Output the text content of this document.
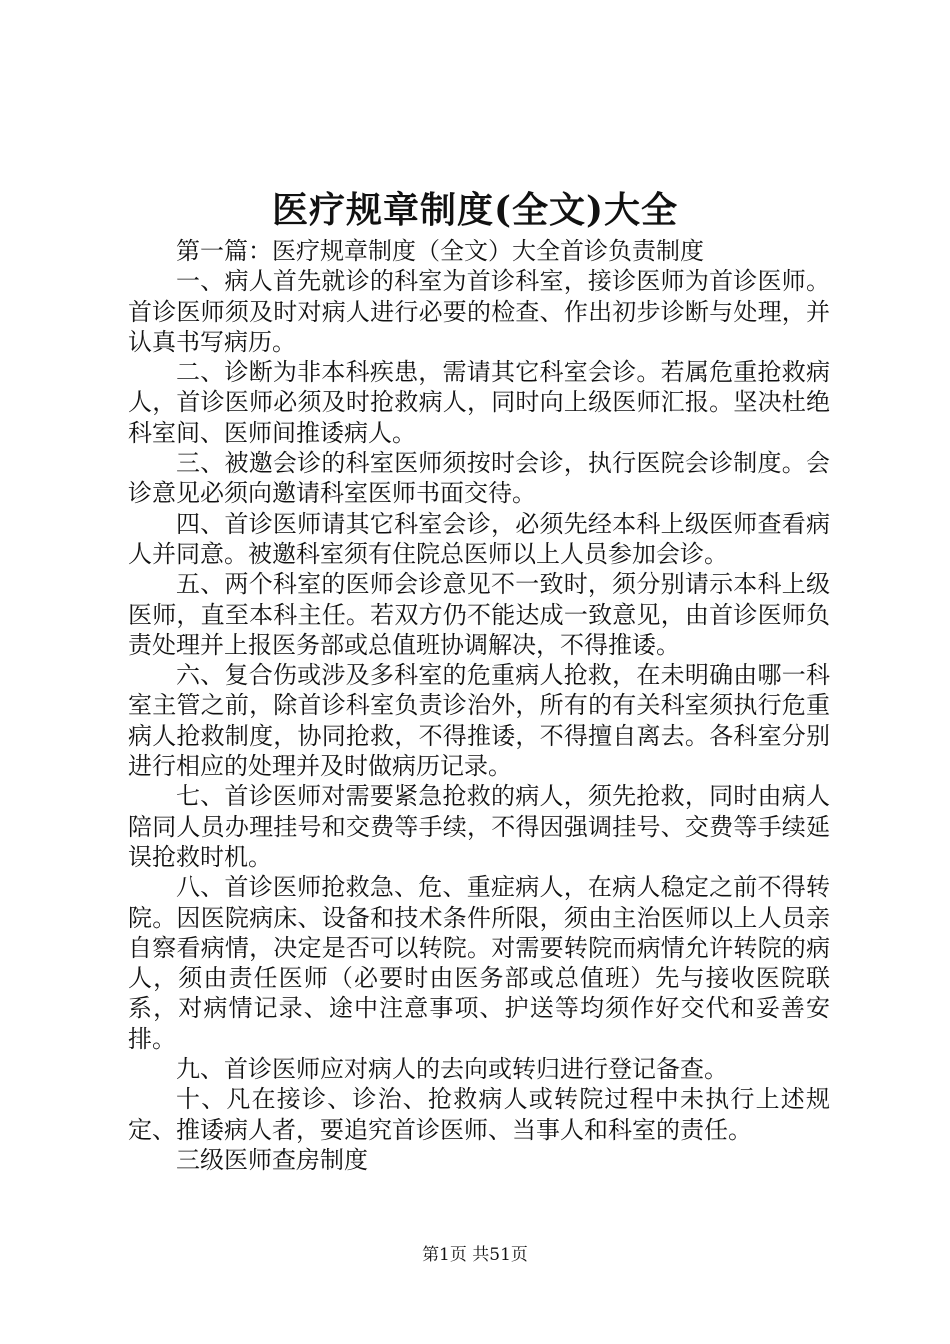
医疗规章制度(全文)大全

第一篇：医疗规章制度（全文）大全首诊负责制度

一、病人首先就诊的科室为首诊科室，接诊医师为首诊医师。首诊医师须及时对病人进行必要的检查、作出初步诊断与处理，并认真书写病历。

二、诊断为非本科疾患，需请其它科室会诊。若属危重抢救病人，首诊医师必须及时抢救病人，同时向上级医师汇报。坚决杜绝科室间、医师间推诿病人。

三、被邀会诊的科室医师须按时会诊，执行医院会诊制度。会诊意见必须向邀请科室医师书面交待。

四、首诊医师请其它科室会诊，必须先经本科上级医师查看病人并同意。被邀科室须有住院总医师以上人员参加会诊。

五、两个科室的医师会诊意见不一致时，须分别请示本科上级医师，直至本科主任。若双方仍不能达成一致意见，由首诊医师负责处理并上报医务部或总值班协调解决，不得推诿。

六、复合伤或涉及多科室的危重病人抢救，在未明确由哪一科室主管之前，除首诊科室负责诊治外，所有的有关科室须执行危重病人抢救制度，协同抢救，不得推诿，不得擅自离去。各科室分别进行相应的处理并及时做病历记录。

七、首诊医师对需要紧急抢救的病人，须先抢救，同时由病人陪同人员办理挂号和交费等手续，不得因强调挂号、交费等手续延误抢救时机。

八、首诊医师抢救急、危、重症病人，在病人稳定之前不得转院。因医院病床、设备和技术条件所限，须由主治医师以上人员亲自察看病情，决定是否可以转院。对需要转院而病情允许转院的病人，须由责任医师（必要时由医务部或总值班）先与接收医院联系，对病情记录、途中注意事项、护送等均须作好交代和妥善安排。

九、首诊医师应对病人的去向或转归进行登记备查。

十、凡在接诊、诊治、抢救病人或转院过程中未执行上述规定、推诿病人者，要追究首诊医师、当事人和科室的责任。

三级医师查房制度

第1页 共51页
